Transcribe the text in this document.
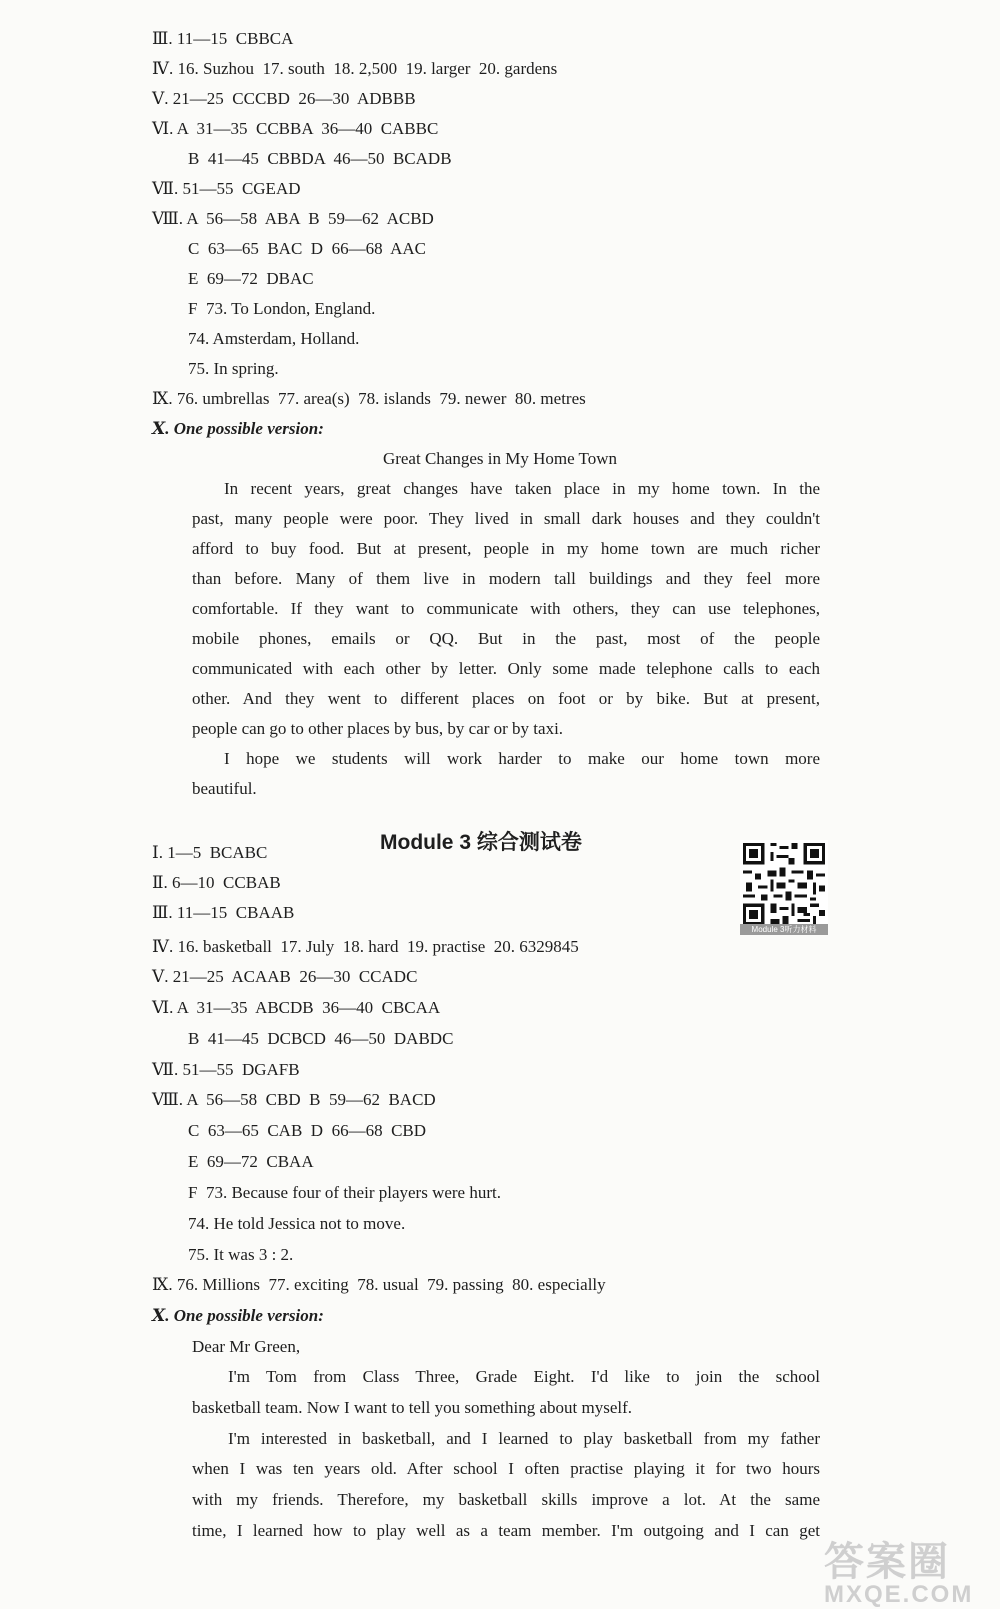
Ⅲ. 11—15  CBBCA
Ⅳ. 16. Suzhou  17. south  18. 2,500  19. larger  20. gardens
Ⅴ. 21—25  CCCBD  26—30  ADBBB
Ⅵ. A  31—35  CCBBA  36—40  CABBC
B  41—45  CBBDA  46—50  BCADB
Ⅶ. 51—55  CGEAD
Ⅷ. A  56—58  ABA  B  59—62  ACBD
C  63—65  BAC  D  66—68  AAC
E  69—72  DBAC
F  73. To London, England.
74. Amsterdam, Holland.
75. In spring.
Ⅸ. 76. umbrellas  77. area(s)  78. islands  79. newer  80. metres
Ⅹ. One possible version:
Great Changes in My Home Town
In recent years, great changes have taken place in my home town. In the
past, many people were poor. They lived in small dark houses and they couldn't
afford to buy food. But at present, people in my home town are much richer
than before. Many of them live in modern tall buildings and they feel more
comfortable. If they want to communicate with others, they can use telephones,
mobile phones, emails or QQ. But in the past, most of the people
communicated with each other by letter. Only some made telephone calls to each
other. And they went to different places on foot or by bike. But at present,
people can go to other places by bus, by car or by taxi.
I hope we students will work harder to make our home town more
beautiful.
Module 3 综合测试卷
Module 3听力材料
Ⅰ. 1—5  BCABC
Ⅱ. 6—10  CCBAB
Ⅲ. 11—15  CBAAB
Ⅳ. 16. basketball  17. July  18. hard  19. practise  20. 6329845
Ⅴ. 21—25  ACAAB  26—30  CCADC
Ⅵ. A  31—35  ABCDB  36—40  CBCAA
B  41—45  DCBCD  46—50  DABDC
Ⅶ. 51—55  DGAFB
Ⅷ. A  56—58  CBD  B  59—62  BACD
C  63—65  CAB  D  66—68  CBD
E  69—72  CBAA
F  73. Because four of their players were hurt.
74. He told Jessica not to move.
75. It was 3 : 2.
Ⅸ. 76. Millions  77. exciting  78. usual  79. passing  80. especially
Ⅹ. One possible version:
Dear Mr Green,
I'm Tom from Class Three, Grade Eight. I'd like to join the school
basketball team. Now I want to tell you something about myself.
I'm interested in basketball, and I learned to play basketball from my father
when I was ten years old. After school I often practise playing it for two hours
with my friends. Therefore, my basketball skills improve a lot. At the same
time, I learned how to play well as a team member. I'm outgoing and I can get
答案圈
MXQE.COM
